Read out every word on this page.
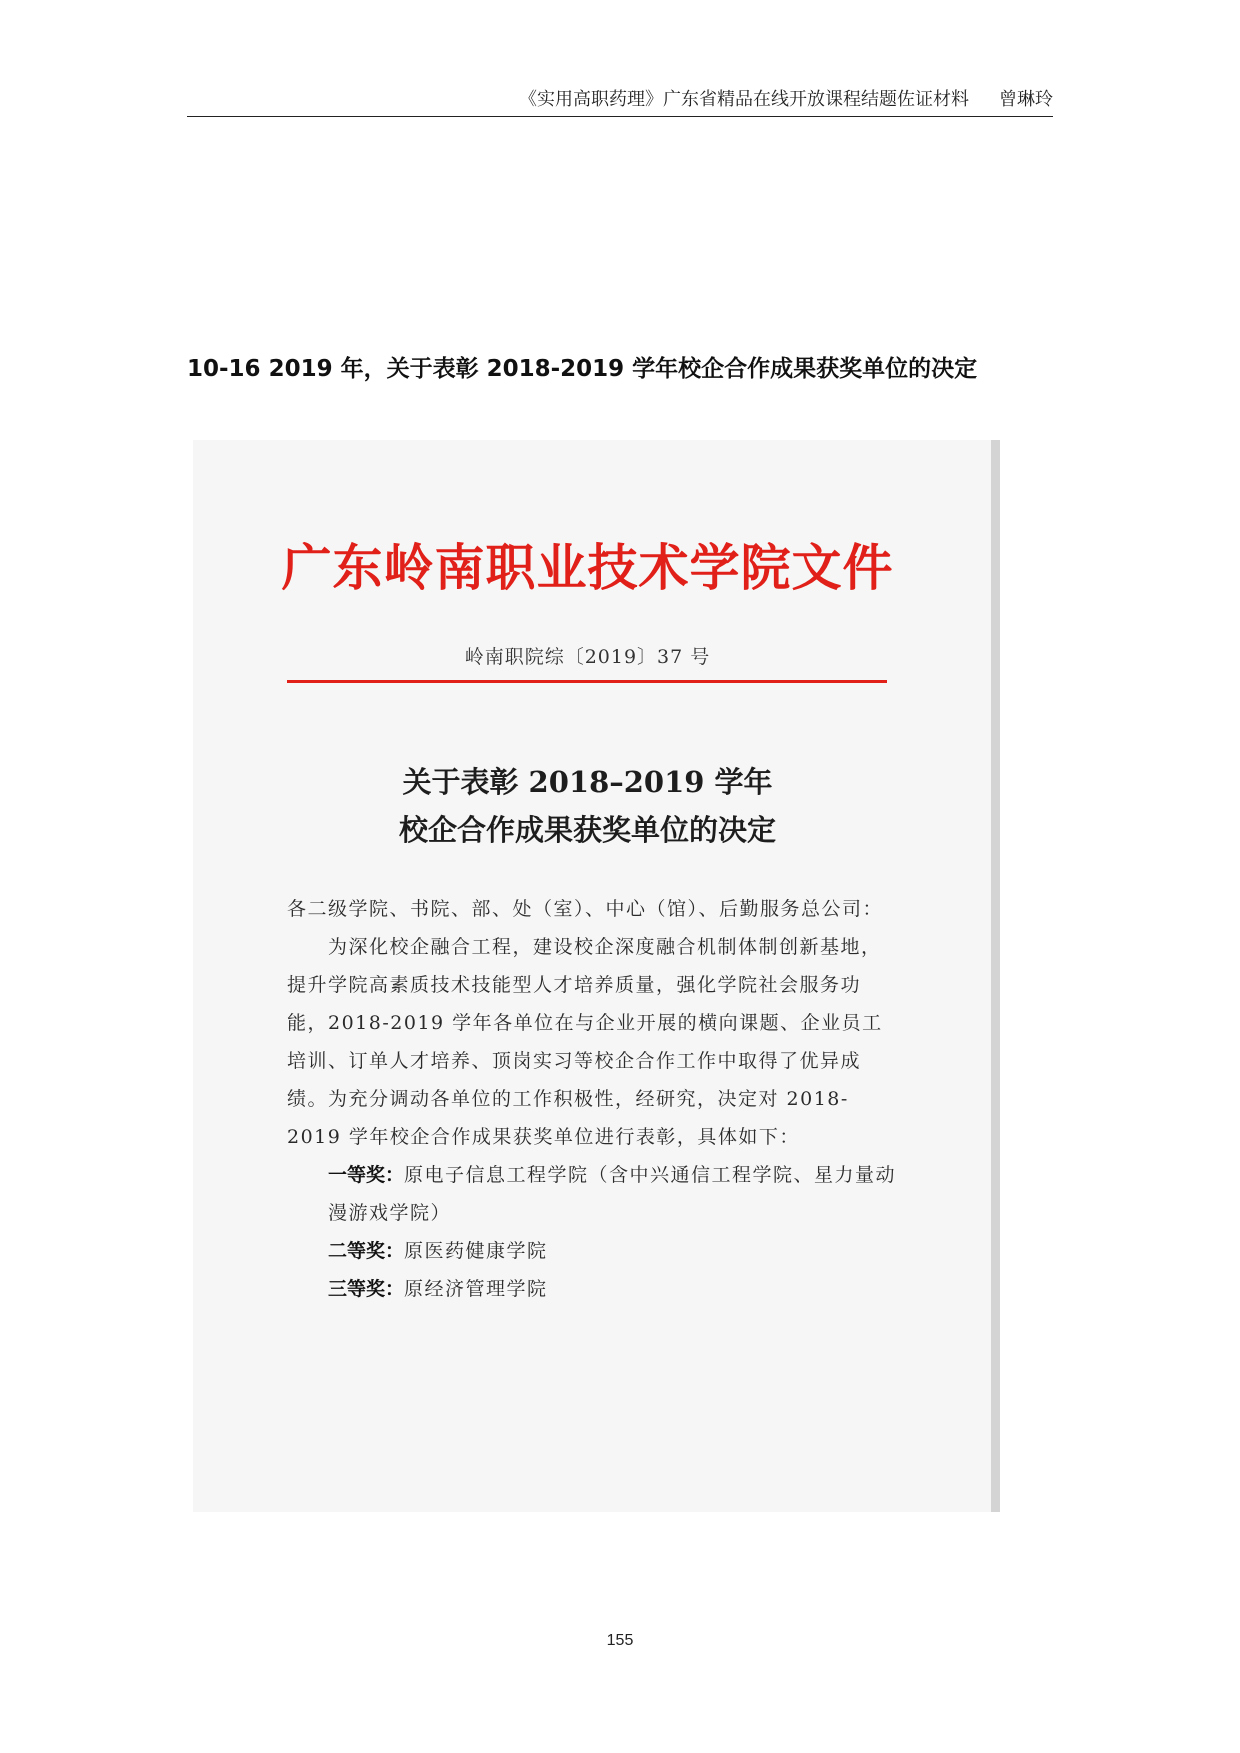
《实用高职药理》广东省精品在线开放课程结题佐证材料 曾琳玲
10-16 2019 年，关于表彰 2018-2019 学年校企合作成果获奖单位的决定
广东岭南职业技术学院文件
岭南职院综〔2019〕37 号
关于表彰 2018–2019 学年
校企合作成果获奖单位的决定

各二级学院、书院、部、处（室）、中心（馆）、后勤服务总公司：

为深化校企融合工程，建设校企深度融合机制体制创新基地，提升学院高素质技术技能型人才培养质量，强化学院社会服务功能，2018-2019 学年各单位在与企业开展的横向课题、企业员工培训、订单人才培养、顶岗实习等校企合作工作中取得了优异成绩。为充分调动各单位的工作积极性，经研究，决定对 2018-2019 学年校企合作成果获奖单位进行表彰，具体如下：

一等奖：原电子信息工程学院（含中兴通信工程学院、星力量动漫游戏学院）

二等奖：原医药健康学院

三等奖：原经济管理学院

155
